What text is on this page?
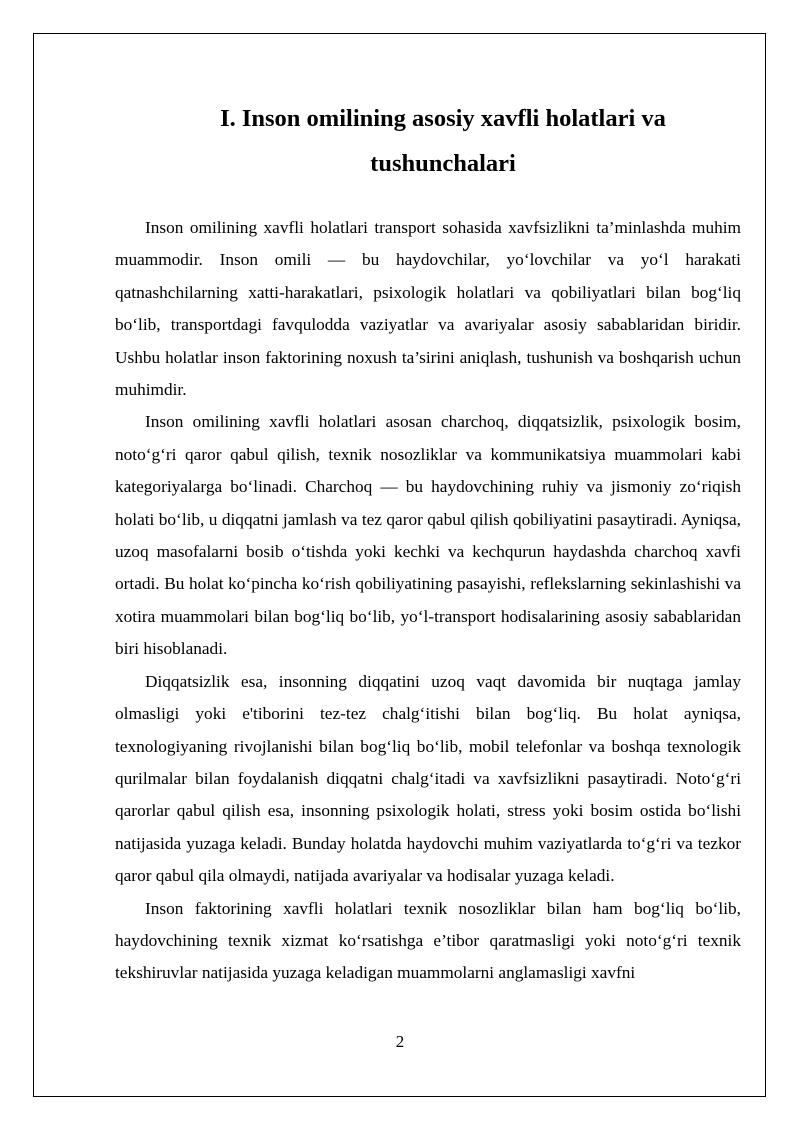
I. Inson omilining asosiy xavfli holatlari va tushunchalari

Inson omilining xavfli holatlari transport sohasida xavfsizlikni ta’minlashda muhim muammodir. Inson omili — bu haydovchilar, yo‘lovchilar va yo‘l harakati qatnashchilarning xatti-harakatlari, psixologik holatlari va qobiliyatlari bilan bog‘liq bo‘lib, transportdagi favqulodda vaziyatlar va avariyalar asosiy sabablaridan biridir. Ushbu holatlar inson faktorining noxush ta’sirini aniqlash, tushunish va boshqarish uchun muhimdir.

Inson omilining xavfli holatlari asosan charchoq, diqqatsizlik, psixologik bosim, noto‘g‘ri qaror qabul qilish, texnik nosozliklar va kommunikatsiya muammolari kabi kategoriyalarga bo‘linadi. Charchoq — bu haydovchining ruhiy va jismoniy zo‘riqish holati bo‘lib, u diqqatni jamlash va tez qaror qabul qilish qobiliyatini pasaytiradi. Ayniqsa, uzoq masofalarni bosib o‘tishda yoki kechki va kechqurun haydashda charchoq xavfi ortadi. Bu holat ko‘pincha ko‘rish qobiliyatining pasayishi, reflekslarning sekinlashishi va xotira muammolari bilan bog‘liq bo‘lib, yo‘l-transport hodisalarining asosiy sabablaridan biri hisoblanadi.

Diqqatsizlik esa, insonning diqqatini uzoq vaqt davomida bir nuqtaga jamlay olmasligi yoki e'tiborini tez-tez chalg‘itishi bilan bog‘liq. Bu holat ayniqsa, texnologiyaning rivojlanishi bilan bog‘liq bo‘lib, mobil telefonlar va boshqa texnologik qurilmalar bilan foydalanish diqqatni chalg‘itadi va xavfsizlikni pasaytiradi. Noto‘g‘ri qarorlar qabul qilish esa, insonning psixologik holati, stress yoki bosim ostida bo‘lishi natijasida yuzaga keladi. Bunday holatda haydovchi muhim vaziyatlarda to‘g‘ri va tezkor qaror qabul qila olmaydi, natijada avariyalar va hodisalar yuzaga keladi.

Inson faktorining xavfli holatlari texnik nosozliklar bilan ham bog‘liq bo‘lib, haydovchining texnik xizmat ko‘rsatishga e’tibor qaratmasligi yoki noto‘g‘ri texnik tekshiruvlar natijasida yuzaga keladigan muammolarni anglamasligi xavfni

2
